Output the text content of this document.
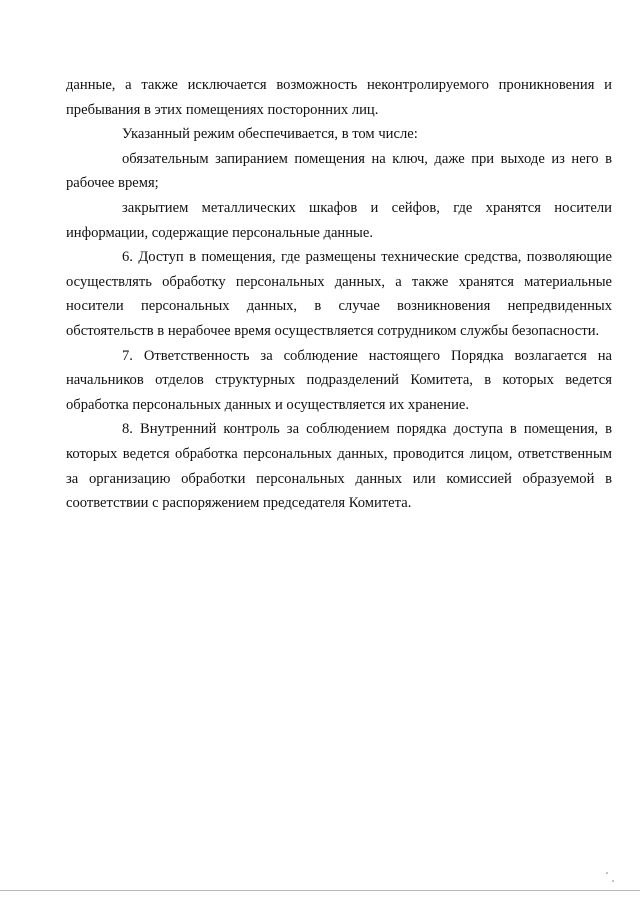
данные, а также исключается возможность неконтролируемого проникновения и пребывания в этих помещениях посторонних лиц.

Указанный режим обеспечивается, в том числе:

обязательным запиранием помещения на ключ, даже при выходе из него в рабочее время;

закрытием металлических шкафов и сейфов, где хранятся носители информации, содержащие персональные данные.

6. Доступ в помещения, где размещены технические средства, позволяющие осуществлять обработку персональных данных, а также хранятся материальные носители персональных данных, в случае возникновения непредвиденных обстоятельств в нерабочее время осуществляется сотрудником службы безопасности.

7. Ответственность за соблюдение настоящего Порядка возлагается на начальников отделов структурных подразделений Комитета, в которых ведется обработка персональных данных и осуществляется их хранение.

8. Внутренний контроль за соблюдением порядка доступа в помещения, в которых ведется обработка персональных данных, проводится лицом, ответственным за организацию обработки персональных данных или комиссией образуемой в соответствии с распоряжением председателя Комитета.
